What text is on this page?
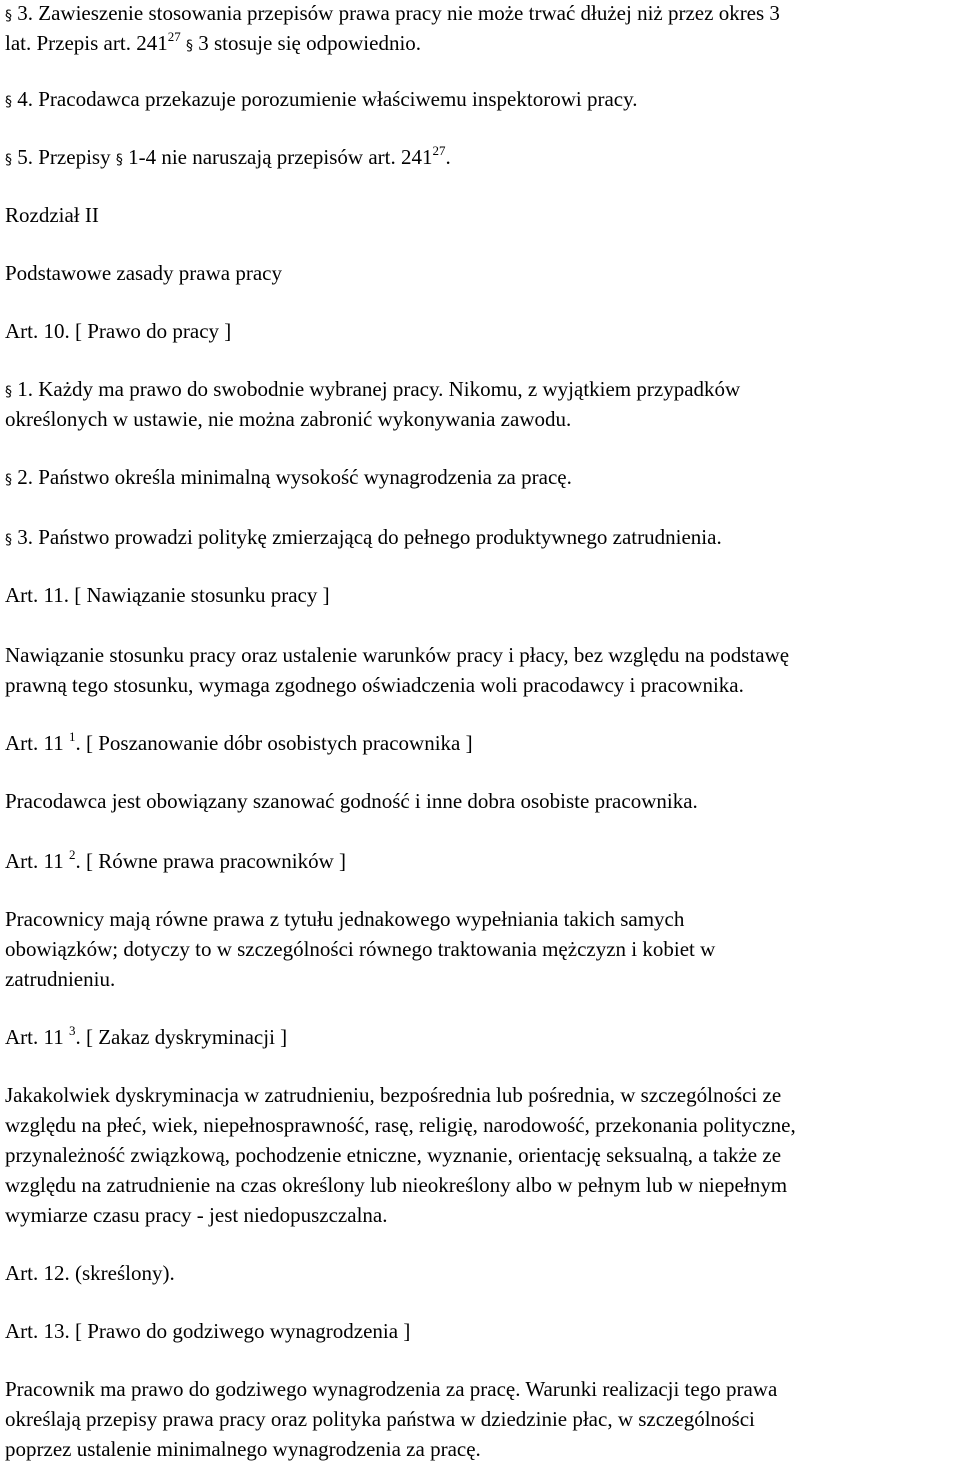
§ 3. Zawieszenie stosowania przepisów prawa pracy nie może trwać dłużej niż przez okres 3
lat. Przepis art. $241^{27}$ § 3 stosuje się odpowiednio.
§ 4. Pracodawca przekazuje porozumienie właściwemu inspektorowi pracy.
§ 5. Przepisy § 1-4 nie naruszają przepisów art. $241^{27}$.
Rozdział II
Podstawowe zasady prawa pracy
Art. 10. [ Prawo do pracy ]
§ 1. Każdy ma prawo do swobodnie wybranej pracy. Nikomu, z wyjątkiem przypadków
określonych w ustawie, nie można zabronić wykonywania zawodu.
§ 2. Państwo określa minimalną wysokość wynagrodzenia za pracę.
§ 3. Państwo prowadzi politykę zmierzającą do pełnego produktywnego zatrudnienia.
Art. 11. [ Nawiązanie stosunku pracy ]
Nawiązanie stosunku pracy oraz ustalenie warunków pracy i płacy, bez względu na podstawę
prawną tego stosunku, wymaga zgodnego oświadczenia woli pracodawcy i pracownika.
Art. 11 $^1$. [ Poszanowanie dóbr osobistych pracownika ]
Pracodawca jest obowiązany szanować godność i inne dobra osobiste pracownika.
Art. 11 $^2$. [ Równe prawa pracowników ]
Pracownicy mają równe prawa z tytułu jednakowego wypełniania takich samych
obowiązków; dotyczy to w szczególności równego traktowania mężczyzn i kobiet w
zatrudnieniu.
Art. 11 $^3$. [ Zakaz dyskryminacji ]
Jakakolwiek dyskryminacja w zatrudnieniu, bezpośrednia lub pośrednia, w szczególności ze
względu na płeć, wiek, niepełnosprawność, rasę, religię, narodowość, przekonania polityczne,
przynależność związkową, pochodzenie etniczne, wyznanie, orientację seksualną, a także ze
względu na zatrudnienie na czas określony lub nieokreślony albo w pełnym lub w niepełnym
wymiarze czasu pracy - jest niedopuszczalna.
Art. 12. (skreślony).
Art. 13. [ Prawo do godziwego wynagrodzenia ]
Pracownik ma prawo do godziwego wynagrodzenia za pracę. Warunki realizacji tego prawa
określają przepisy prawa pracy oraz polityka państwa w dziedzinie płac, w szczególności
poprzez ustalenie minimalnego wynagrodzenia za pracę.
